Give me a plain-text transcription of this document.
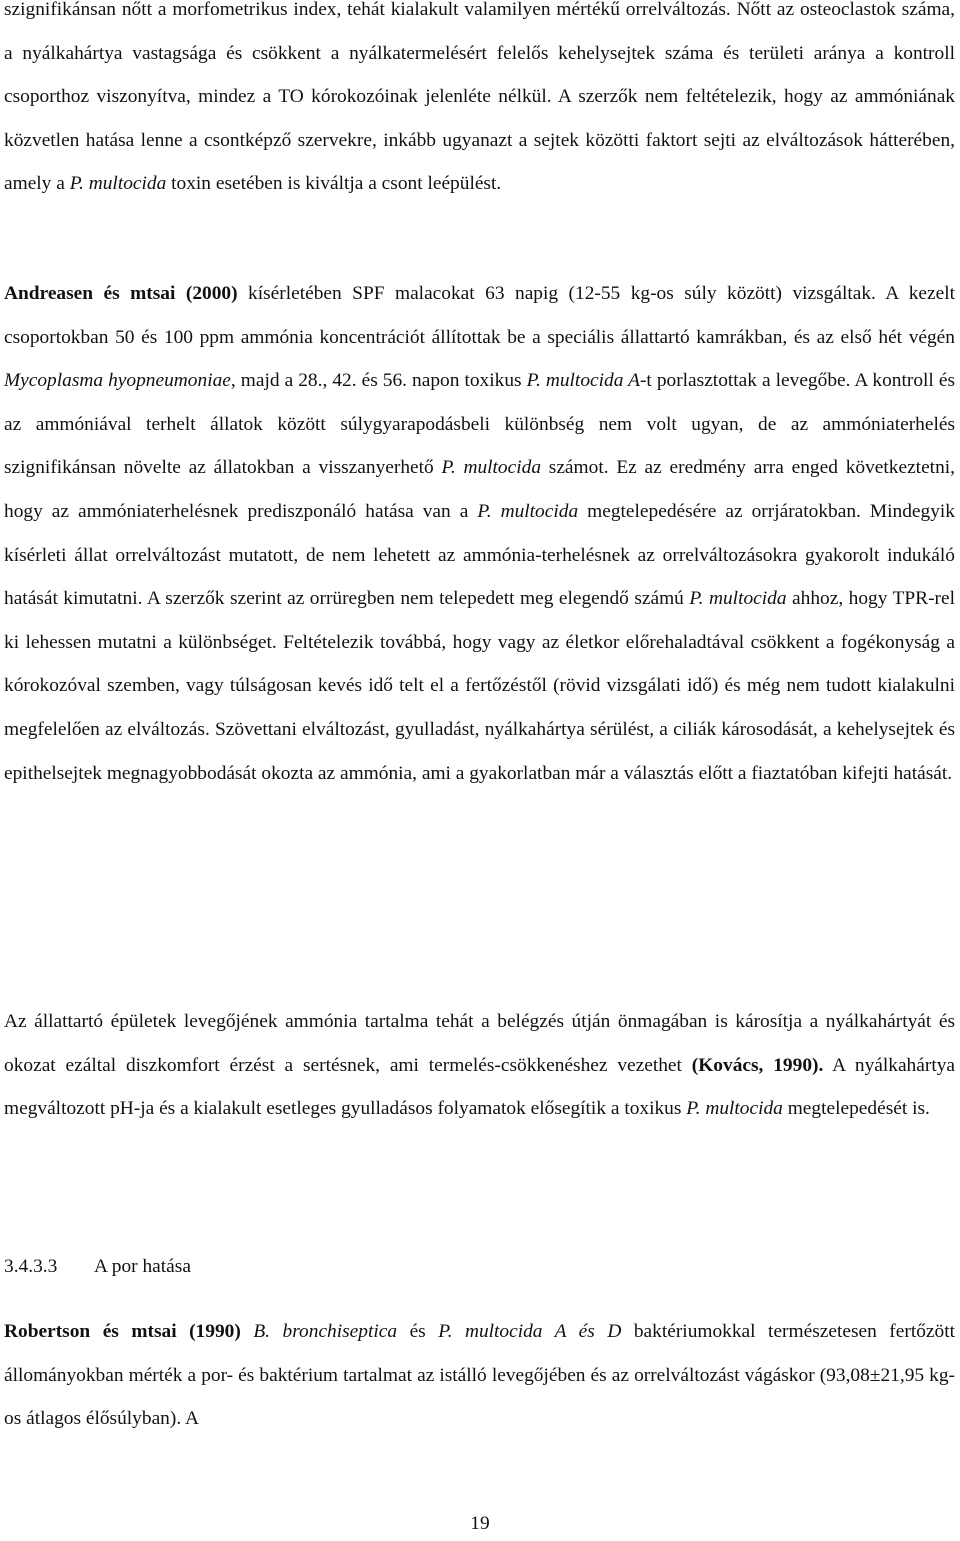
szignifikánsan nőtt a morfometrikus index, tehát kialakult valamilyen mértékű orrelváltozás. Nőtt az osteoclastok száma, a nyálkahártya vastagsága és csökkent a nyálkatermelésért felelős kehelysejtek száma és területi aránya a kontroll csoporthoz viszonyítva, mindez a TO kórokozóinak jelenléte nélkül. A szerzők nem feltételezik, hogy az ammóniának közvetlen hatása lenne a csontképző szervekre, inkább ugyanazt a sejtek közötti faktort sejti az elváltozások hátterében, amely a P. multocida toxin esetében is kiváltja a csont leépülést.

Andreasen és mtsai (2000) kísérletében SPF malacokat 63 napig (12-55 kg-os súly között) vizsgáltak. A kezelt csoportokban 50 és 100 ppm ammónia koncentrációt állítottak be a speciális állattartó kamrákban, és az első hét végén Mycoplasma hyopneumoniae, majd a 28., 42. és 56. napon toxikus P. multocida A-t porlasztottak a levegőbe. A kontroll és az ammóniával terhelt állatok között súlygyarapodásbeli különbség nem volt ugyan, de az ammóniaterhelés szignifikánsan növelte az állatokban a visszanyerhető P. multocida számot. Ez az eredmény arra enged következtetni, hogy az ammóniaterhelésnek prediszponáló hatása van a P. multocida megtelepedésére az orrjáratokban. Mindegyik kísérleti állat orrelváltozást mutatott, de nem lehetett az ammónia-terhelésnek az orrelváltozásokra gyakorolt indukáló hatását kimutatni. A szerzők szerint az orrüregben nem telepedett meg elegendő számú P. multocida ahhoz, hogy TPR-rel ki lehessen mutatni a különbséget. Feltételezik továbbá, hogy vagy az életkor előrehaladtával csökkent a fogékonyság a kórokozóval szemben, vagy túlságosan kevés idő telt el a fertőzéstől (rövid vizsgálati idő) és még nem tudott kialakulni megfelelően az elváltozás. Szövettani elváltozást, gyulladást, nyálkahártya sérülést, a ciliák károsodását, a kehelysejtek és epithelsejtek megnagyobbodását okozta az ammónia, ami a gyakorlatban már a választás előtt a fiaztatóban kifejti hatását.

Az állattartó épületek levegőjének ammónia tartalma tehát a belégzés útján önmagában is károsítja a nyálkahártyát és okozat ezáltal diszkomfort érzést a sertésnek, ami termelés-csökkenéshez vezethet (Kovács, 1990). A nyálkahártya megváltozott pH-ja és a kialakult esetleges gyulladásos folyamatok elősegítik a toxikus P. multocida megtelepedését is.

3.4.3.3 A por hatása

Robertson és mtsai (1990) B. bronchiseptica és P. multocida A és D baktériumokkal természetesen fertőzött állományokban mérték a por- és baktérium tartalmat az istálló levegőjében és az orrelváltozást vágáskor (93,08±21,95 kg-os átlagos élősúlyban). A

19
